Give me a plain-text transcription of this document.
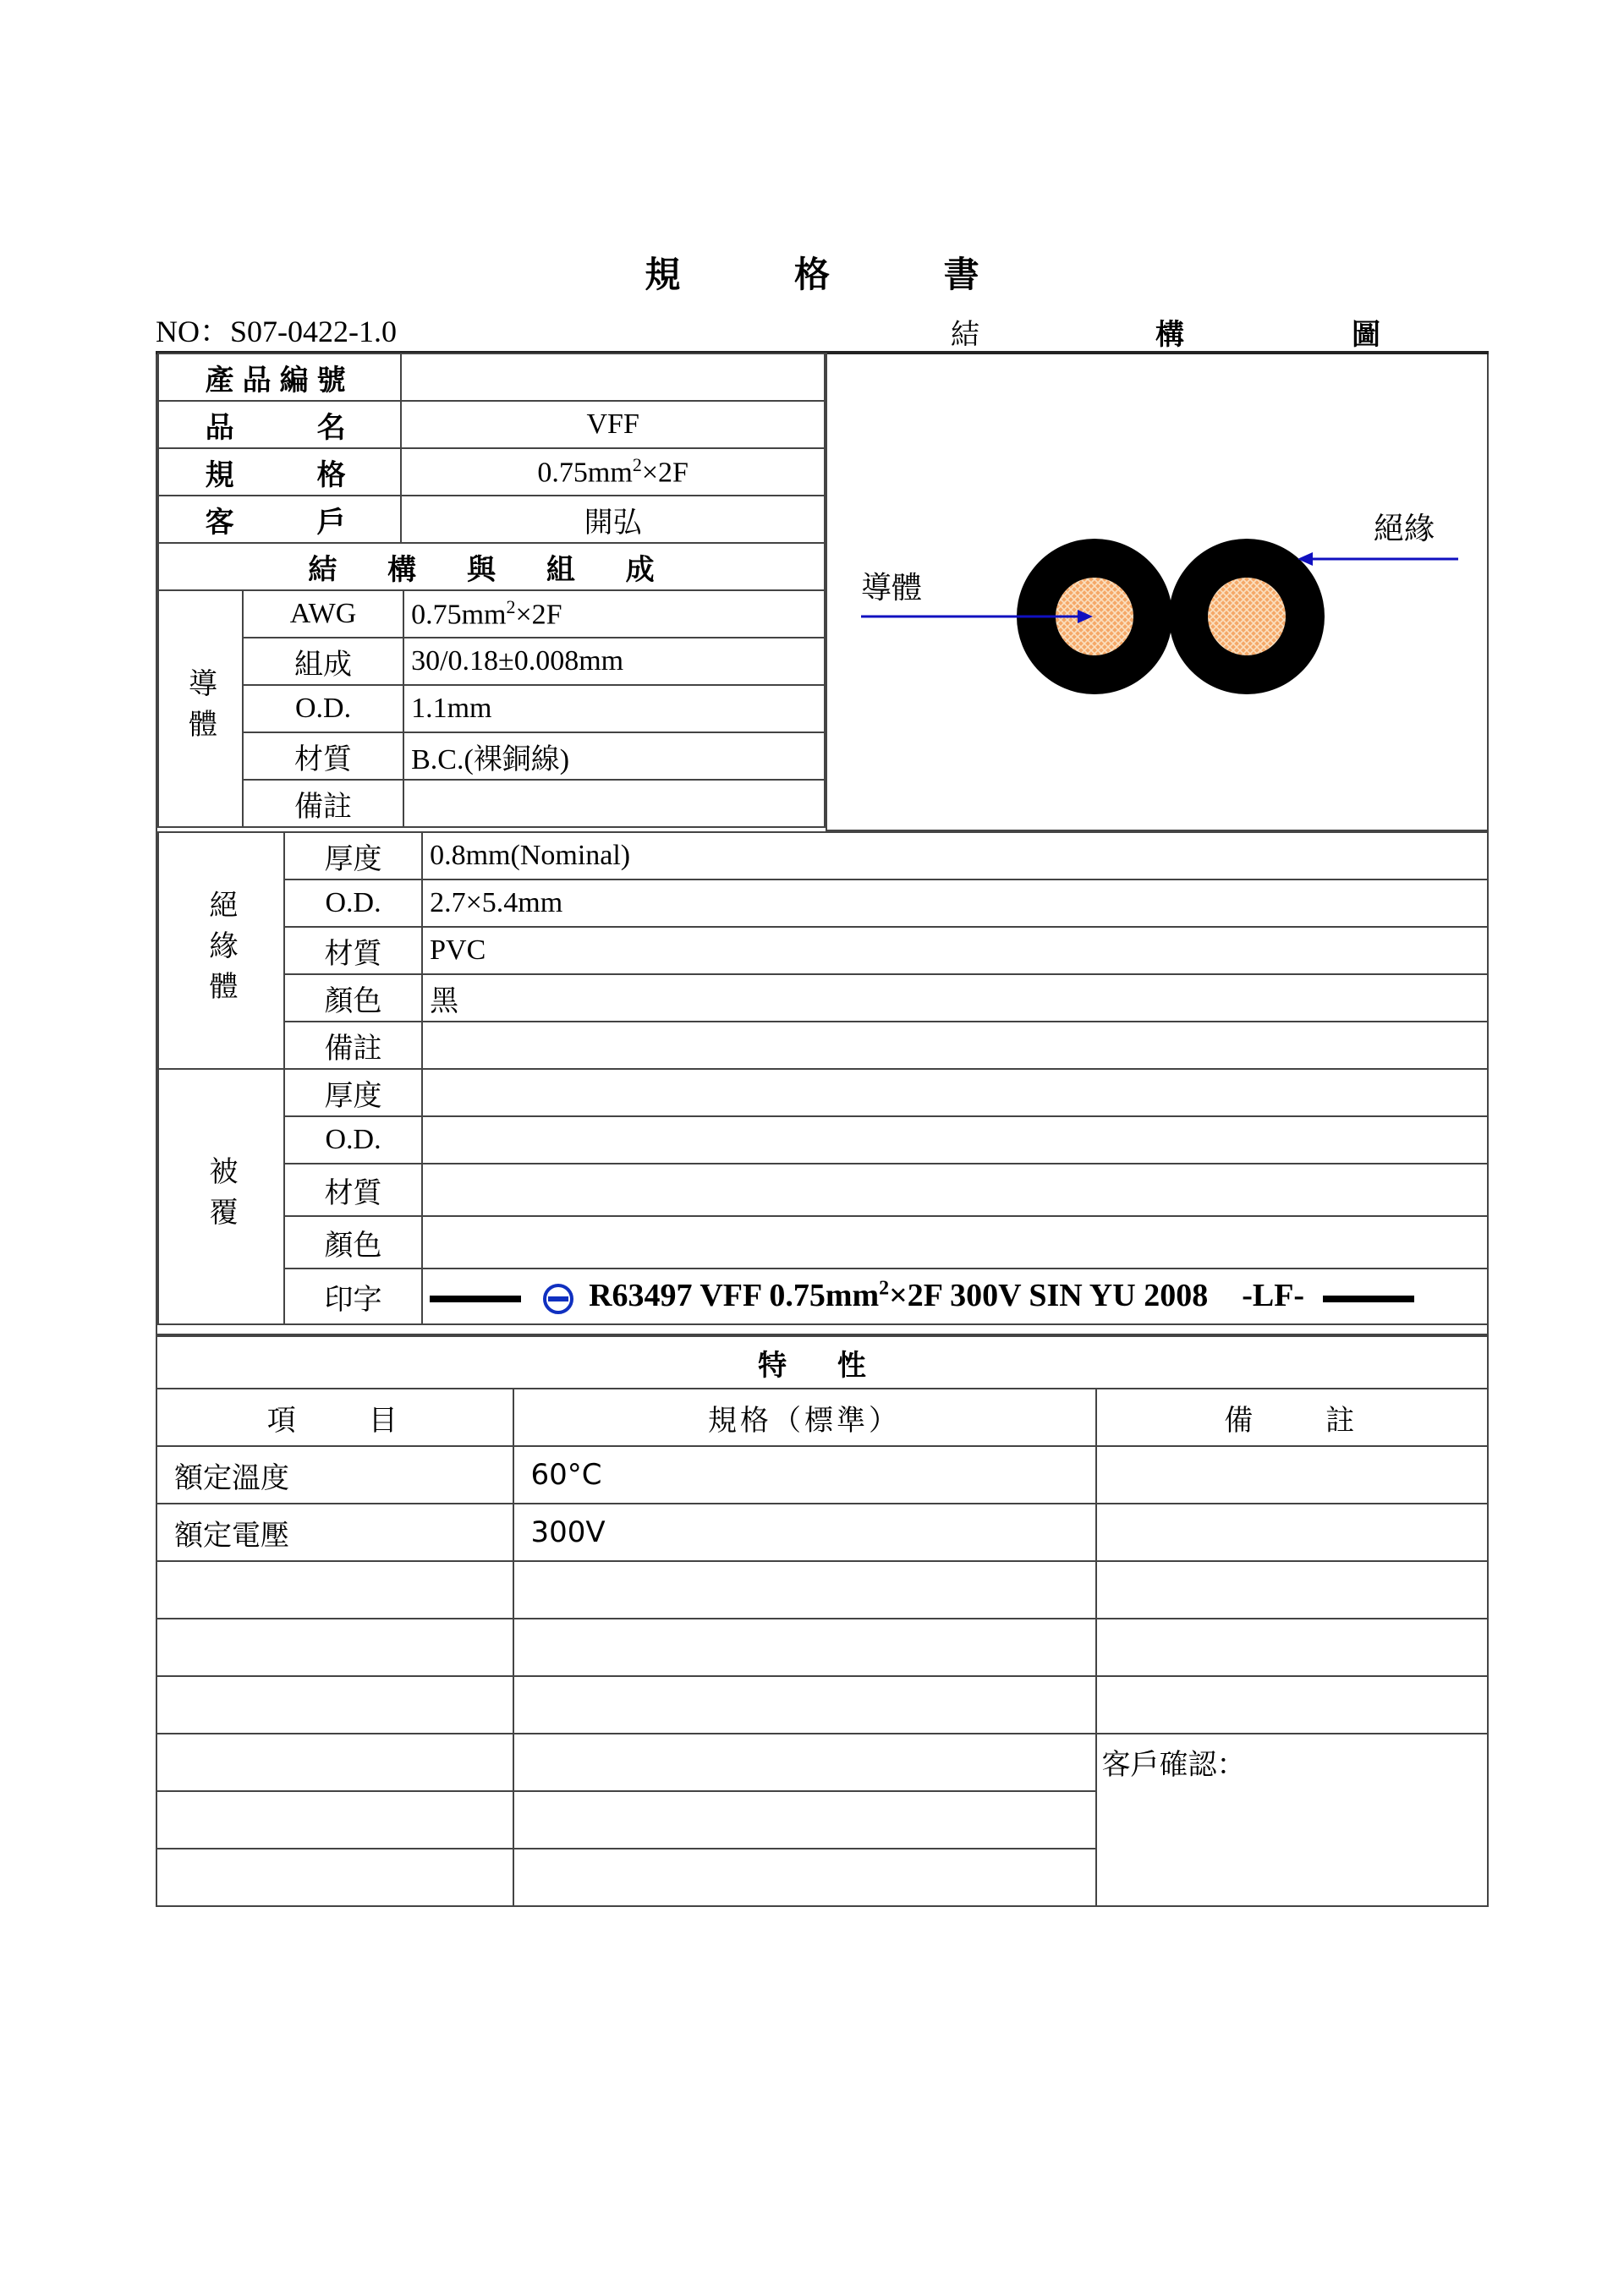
規 格 書
NO：S07-0422-1.0	結	構	圖
產品編號	
品　　名	VFF
規　　格	$0.75mm^2\times 2F$
客　　戶	開弘
結 構 與 組 成	
導體
絕緣
導體	AWG	$0.75mm^2\times 2F$
	組成	30/0.18±0.008mm
	O.D.	1.1mm
	材質	B.C.(裸銅線)
	備註	
絕緣體	厚度	0.8mm(Nominal)
	O.D.	2.7×5.4mm
	材質	PVC
	顏色	黑
	備註	
被覆	厚度	
	O.D.	
	材質	
	顏色	
	印字	R63497 VFF $0.75mm^2\times 2F$ 300V SIN YU 2008 -LF-
特 性		
項　　目	規格（標準）	備　　註
額定溫度	60°C	
額定電壓	300V	

		客戶確認：
